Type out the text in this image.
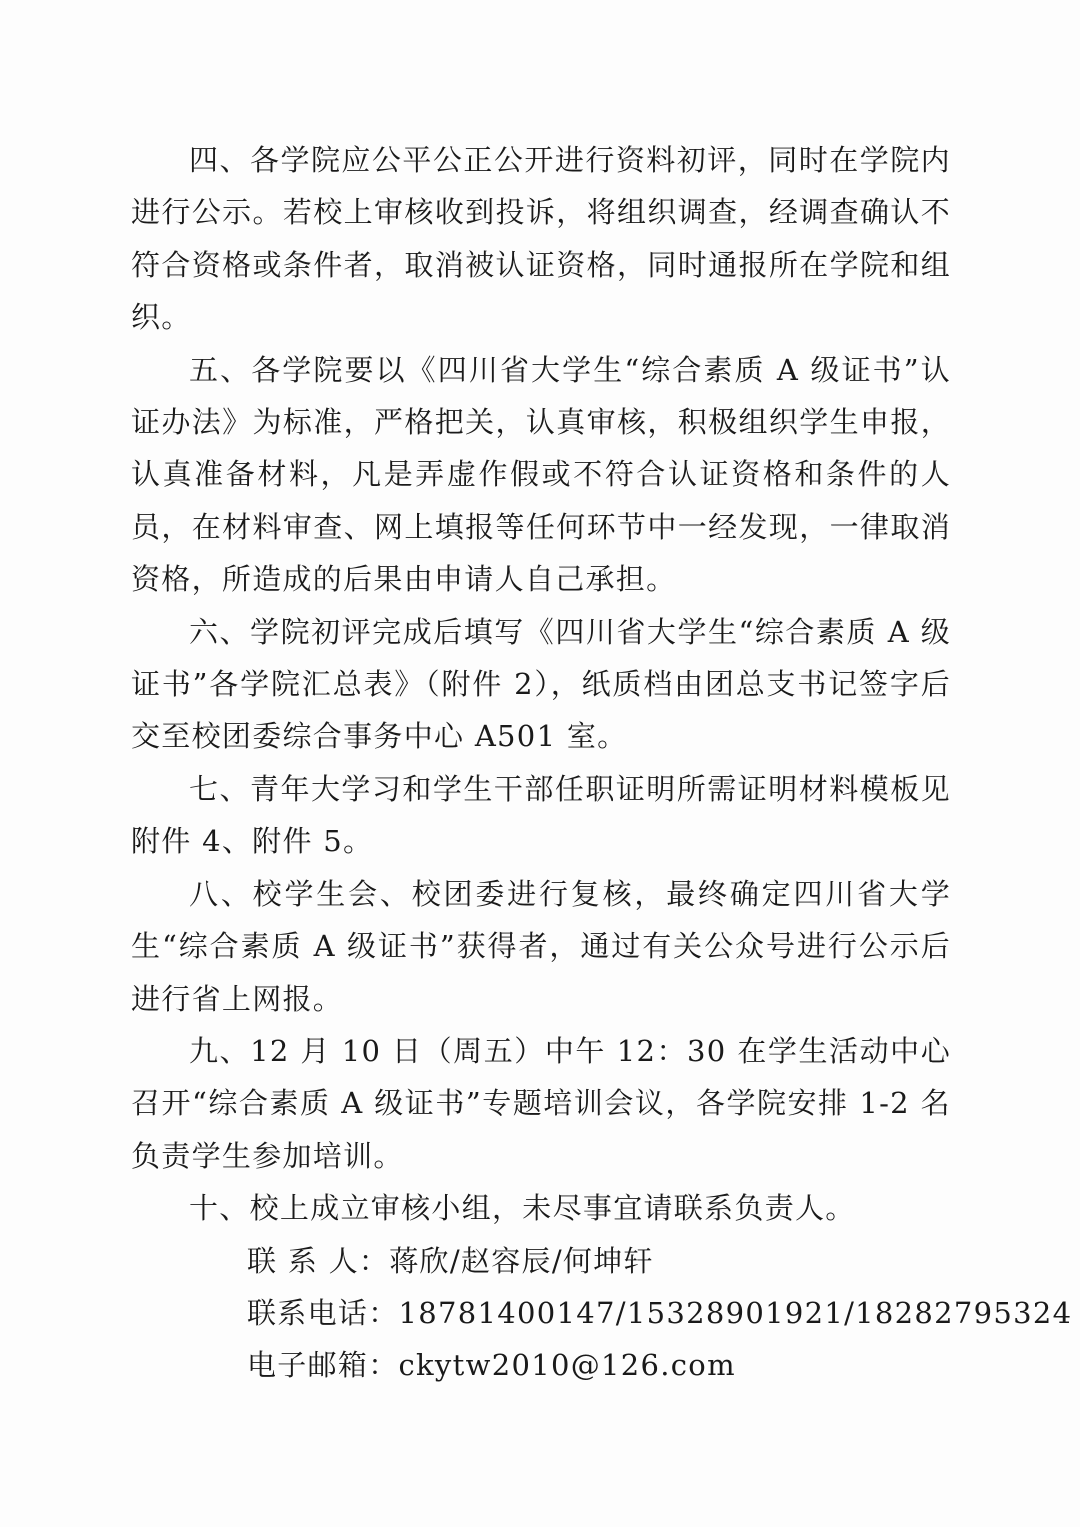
四、各学院应公平公正公开进行资料初评，同时在学院内进行公示。若校上审核收到投诉，将组织调查，经调查确认不符合资格或条件者，取消被认证资格，同时通报所在学院和组织。

五、各学院要以《四川省大学生“综合素质 A 级证书”认证办法》为标准，严格把关，认真审核，积极组织学生申报，认真准备材料，凡是弄虚作假或不符合认证资格和条件的人员，在材料审查、网上填报等任何环节中一经发现，一律取消资格，所造成的后果由申请人自己承担。

六、学院初评完成后填写《四川省大学生“综合素质 A 级证书”各学院汇总表》（附件 2），纸质档由团总支书记签字后交至校团委综合事务中心 A501 室。

七、青年大学习和学生干部任职证明所需证明材料模板见附件 4、附件 5。

八、校学生会、校团委进行复核，最终确定四川省大学生“综合素质 A 级证书”获得者，通过有关公众号进行公示后进行省上网报。

九、12 月 10 日（周五）中午 12：30 在学生活动中心召开“综合素质 A 级证书”专题培训会议，各学院安排 1-2 名负责学生参加培训。

十、校上成立审核小组，未尽事宜请联系负责人。

联 系 人：蒋欣/赵容辰/何坤轩

联系电话：18781400147/15328901921/18282795324

电子邮箱：ckytw2010@126.com
